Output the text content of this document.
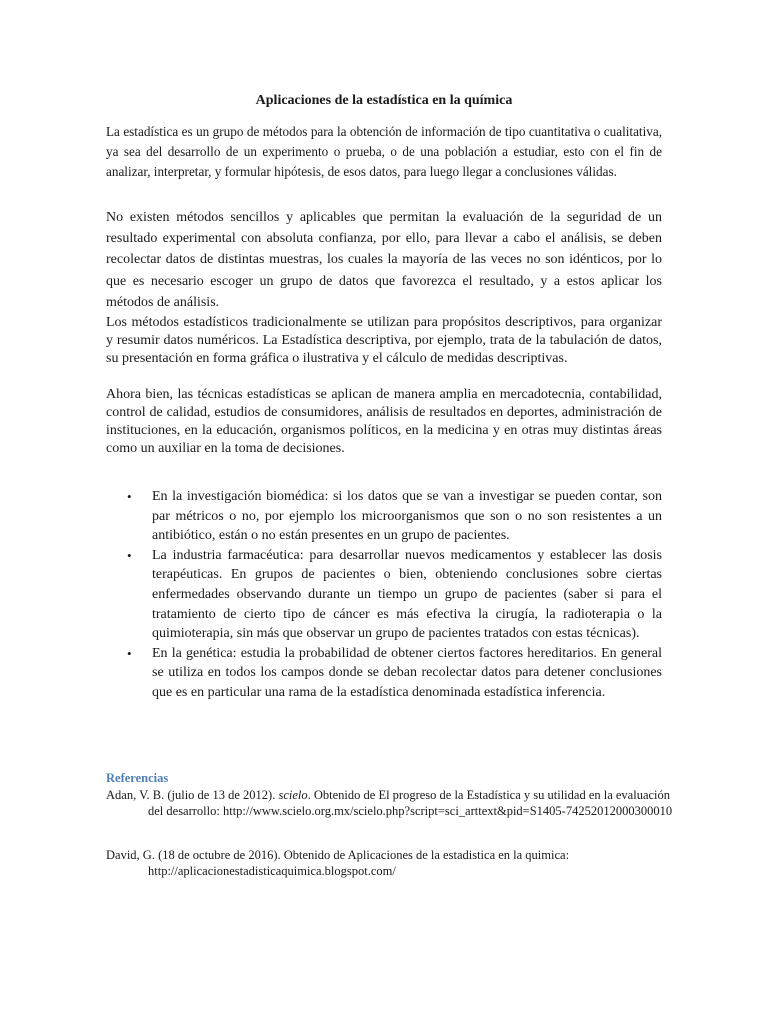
Aplicaciones de la estadística en la química

La estadística es un grupo de métodos para la obtención de información de tipo cuantitativa o cualitativa, ya sea del desarrollo de un experimento o prueba, o de una población a estudiar, esto con el fin de analizar, interpretar, y formular hipótesis, de esos datos, para luego llegar a conclusiones válidas.

No existen métodos sencillos y aplicables que permitan la evaluación de la seguridad de un resultado experimental con absoluta confianza, por ello, para llevar a cabo el análisis, se deben recolectar datos de distintas muestras, los cuales la mayoría de las veces no son idénticos, por lo que es necesario escoger un grupo de datos que favorezca el resultado, y a estos aplicar los métodos de análisis.

Los métodos estadísticos tradicionalmente se utilizan para propósitos descriptivos, para organizar y resumir datos numéricos. La Estadística descriptiva, por ejemplo, trata de la tabulación de datos, su presentación en forma gráfica o ilustrativa y el cálculo de medidas descriptivas.

Ahora bien, las técnicas estadísticas se aplican de manera amplia en mercadotecnia, contabilidad, control de calidad, estudios de consumidores, análisis de resultados en deportes, administración de instituciones, en la educación, organismos políticos, en la medicina y en otras muy distintas áreas como un auxiliar en la toma de decisiones.

• En la investigación biomédica: si los datos que se van a investigar se pueden contar, son par métricos o no, por ejemplo los microorganismos que son o no son resistentes a un antibiótico, están o no están presentes en un grupo de pacientes.
• La industria farmacéutica: para desarrollar nuevos medicamentos y establecer las dosis terapéuticas. En grupos de pacientes o bien, obteniendo conclusiones sobre ciertas enfermedades observando durante un tiempo un grupo de pacientes (saber si para el tratamiento de cierto tipo de cáncer es más efectiva la cirugía, la radioterapia o la quimioterapia, sin más que observar un grupo de pacientes tratados con estas técnicas).
• En la genética: estudia la probabilidad de obtener ciertos factores hereditarios. En general se utiliza en todos los campos donde se deban recolectar datos para detener conclusiones que es en particular una rama de la estadística denominada estadística inferencia.
Referencias

Adan, V. B. (julio de 13 de 2012). scielo. Obtenido de El progreso de la Estadística y su utilidad en la evaluación del desarrollo: http://www.scielo.org.mx/scielo.php?script=sci_arttext&pid=S1405-74252012000300010

David, G. (18 de octubre de 2016). Obtenido de Aplicaciones de la estadistica en la quimica: http://aplicacionestadisticaquimica.blogspot.com/
